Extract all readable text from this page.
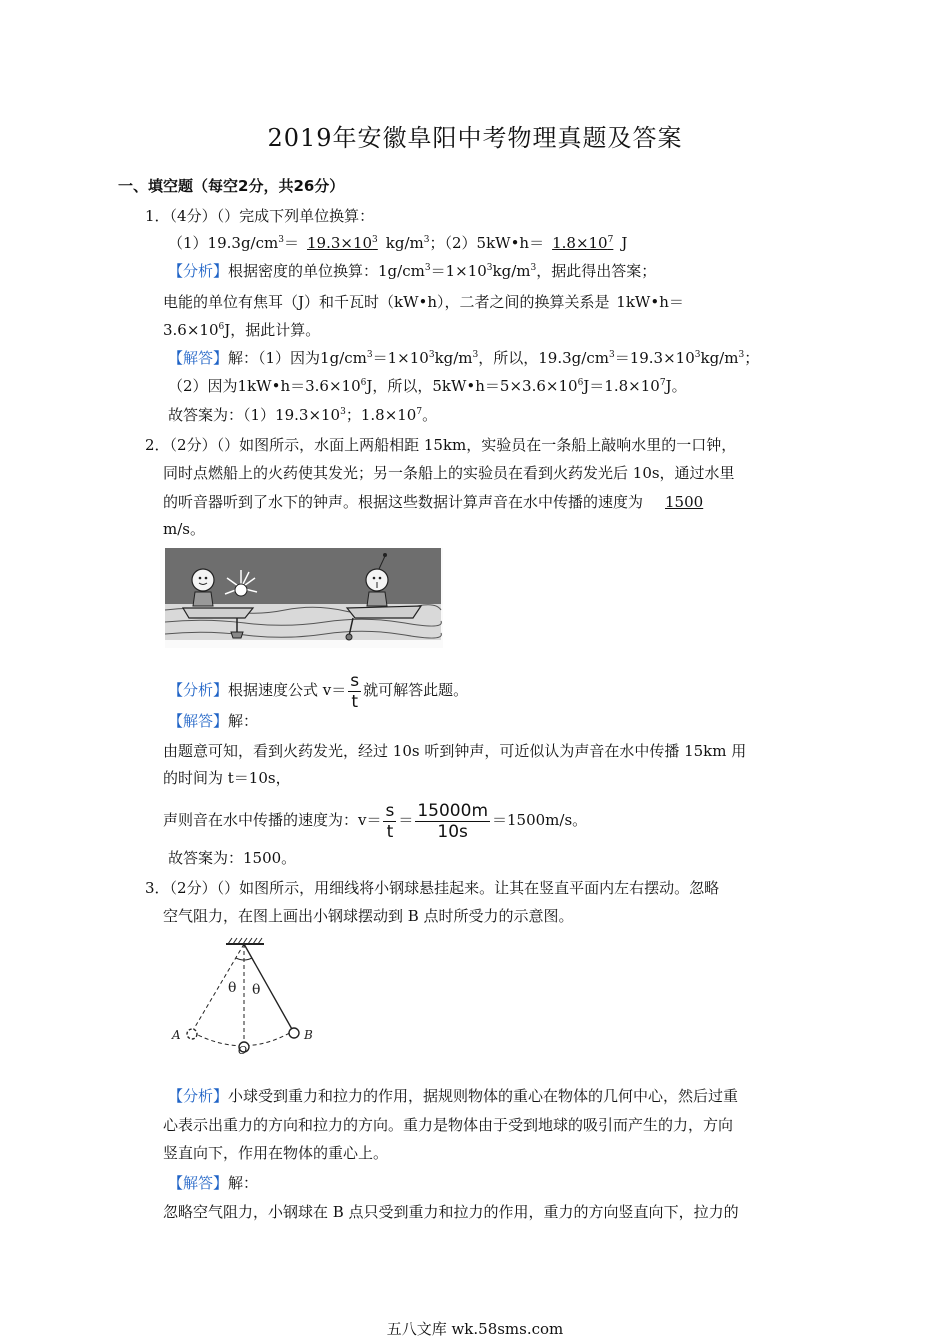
2019年安徽阜阳中考物理真题及答案
一、填空题（每空2分，共26分）
1．（4分）（）完成下列单位换算：
$(1)19.3g/cm^3= 19.3\times 10^3$ $kg/m^3$；（2）5kW•h＝ $1.8\times 10^7$ J
【分析】根据密度的单位换算：$1g/cm^3=1\times 10^3kg/m^3$，据此得出答案；
电能的单位有焦耳（J）和千瓦时（kW•h），二者之间的换算关系是 1kW•h＝
$3.6\times 10^6J$，据此计算。
【解答】解：（1）因为$1g/cm^3=1\times 10^3kg/m^3$，所以，$19.3g/cm^3=19.3\times 10^3kg/m^3$；
（2）因为$1kW•h=3.6\times 10^6J$，所以，$5kW•h=5\times 3.6\times 10^6J=1.8\times 10^7J$。
故答案为：$(1)19.3\times 10^3$；$1.8\times 10^7$。
2．（2分）（）如图所示，水面上两船相距 15km，实验员在一条船上敲响水里的一口钟，
同时点燃船上的火药使其发光；另一条船上的实验员在看到火药发光后 10s，通过水里
的听音器听到了水下的钟声。根据这些数据计算声音在水中传播的速度为 1500
m/s。
【分析】根据速度公式 $v= \frac{s}{t}$ 就可解答此题。
【解答】解：
由题意可知，看到火药发光，经过 10s 听到钟声，可近似认为声音在水中传播 15km 用
的时间为 t＝10s，
声则音在水中传播的速度为：$v= \frac{s}{t} = \frac{15000m}{10s} =1500m/s$。
故答案为：1500。
3．（2分）（）如图所示，用细线将小钢球悬挂起来。让其在竖直平面内左右摆动。忽略
空气阻力，在图上画出小钢球摆动到 B 点时所受力的示意图。
θ θ
A	B
O
【分析】小球受到重力和拉力的作用，据规则物体的重心在物体的几何中心，然后过重
心表示出重力的方向和拉力的方向。重力是物体由于受到地球的吸引而产生的力，方向
竖直向下，作用在物体的重心上。
【解答】解：
忽略空气阻力，小钢球在 B 点只受到重力和拉力的作用，重力的方向竖直向下，拉力的
五八文库 wk.58sms.com
